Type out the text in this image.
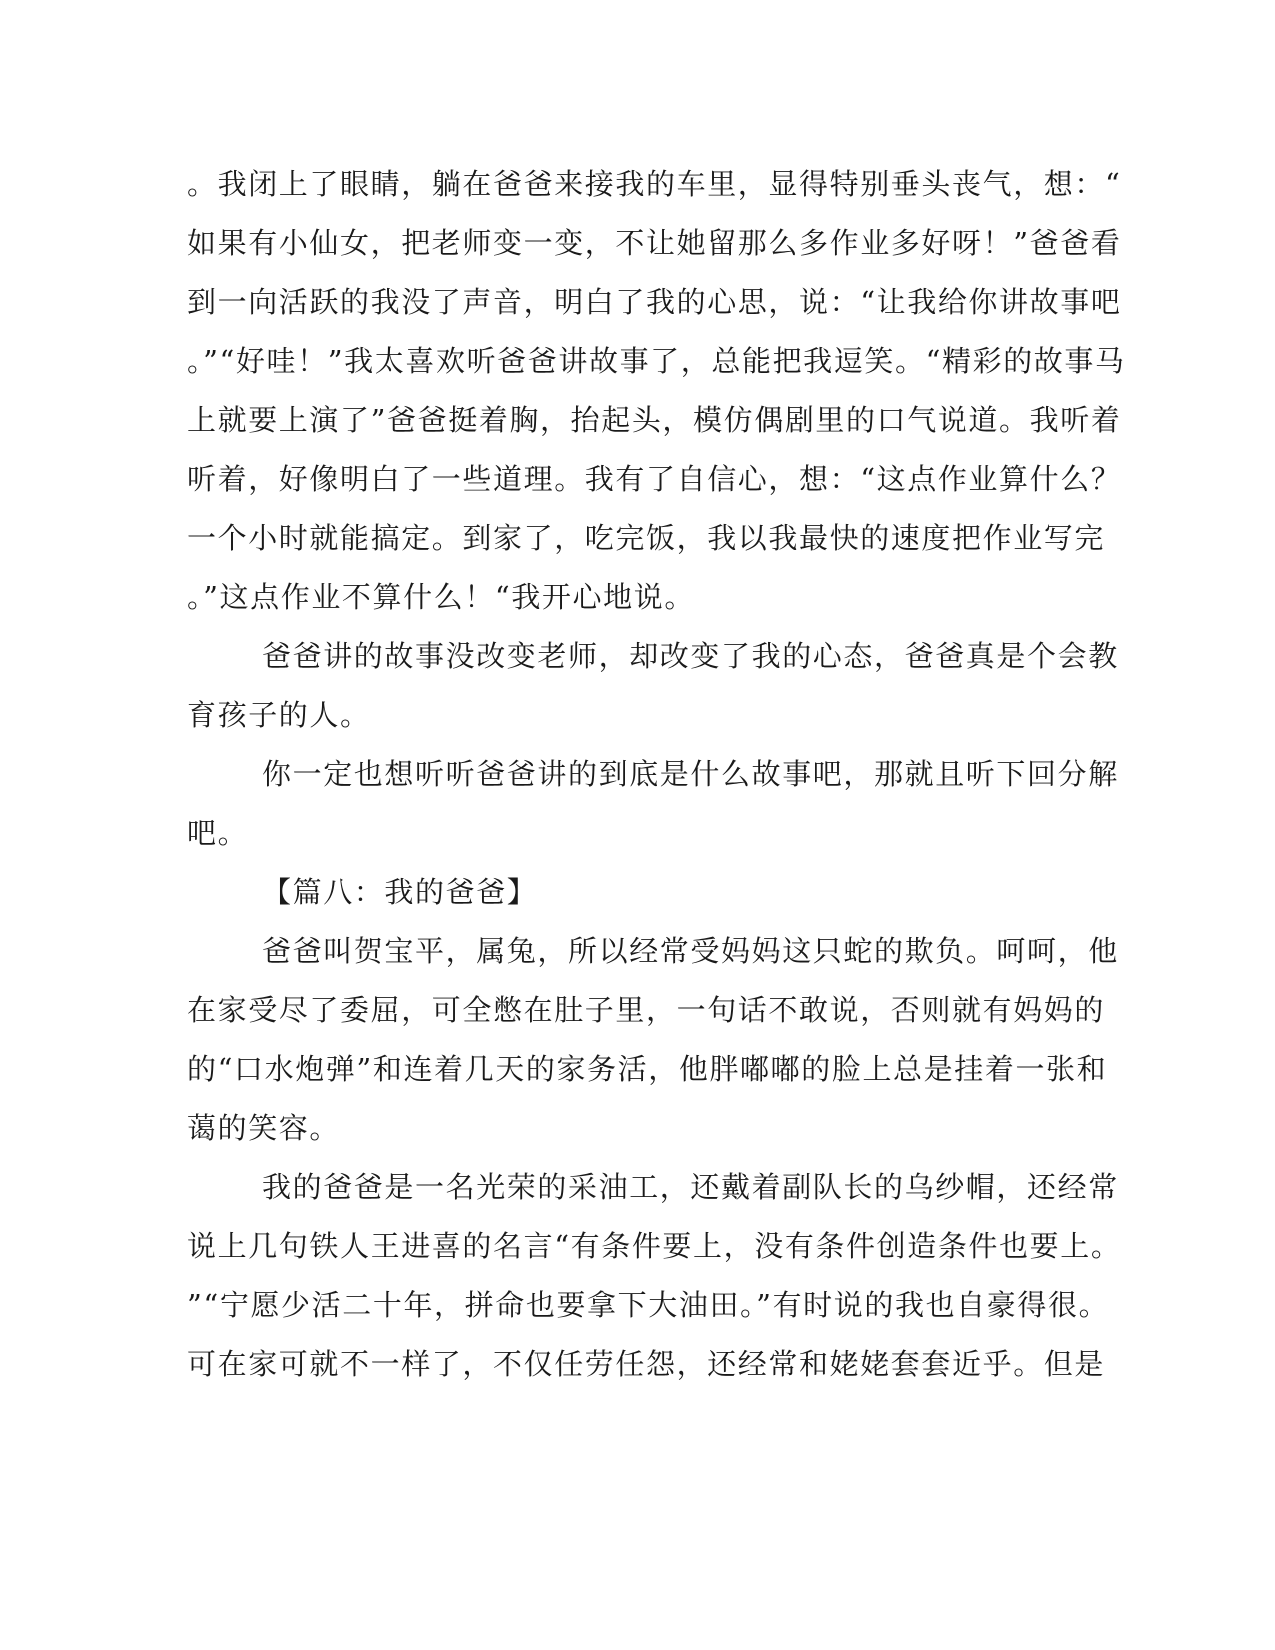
。我闭上了眼睛，躺在爸爸来接我的车里，显得特别垂头丧气，想：“
如果有小仙女，把老师变一变，不让她留那么多作业多好呀！”爸爸看
到一向活跃的我没了声音，明白了我的心思，说：“让我给你讲故事吧
。”“好哇！”我太喜欢听爸爸讲故事了，总能把我逗笑。“精彩的故事马
上就要上演了”爸爸挺着胸，抬起头，模仿偶剧里的口气说道。我听着
听着，好像明白了一些道理。我有了自信心，想：“这点作业算什么？
一个小时就能搞定。到家了，吃完饭，我以我最快的速度把作业写完
。”这点作业不算什么！“我开心地说。
爸爸讲的故事没改变老师，却改变了我的心态，爸爸真是个会教
育孩子的人。
你一定也想听听爸爸讲的到底是什么故事吧，那就且听下回分解
吧。
【篇八：我的爸爸】
爸爸叫贺宝平，属兔，所以经常受妈妈这只蛇的欺负。呵呵，他
在家受尽了委屈，可全憋在肚子里，一句话不敢说，否则就有妈妈的
的“口水炮弹”和连着几天的家务活，他胖嘟嘟的脸上总是挂着一张和
蔼的笑容。
我的爸爸是一名光荣的采油工，还戴着副队长的乌纱帽，还经常
说上几句铁人王进喜的名言“有条件要上，没有条件创造条件也要上。
”“宁愿少活二十年，拼命也要拿下大油田。”有时说的我也自豪得很。
可在家可就不一样了，不仅任劳任怨，还经常和姥姥套套近乎。但是
